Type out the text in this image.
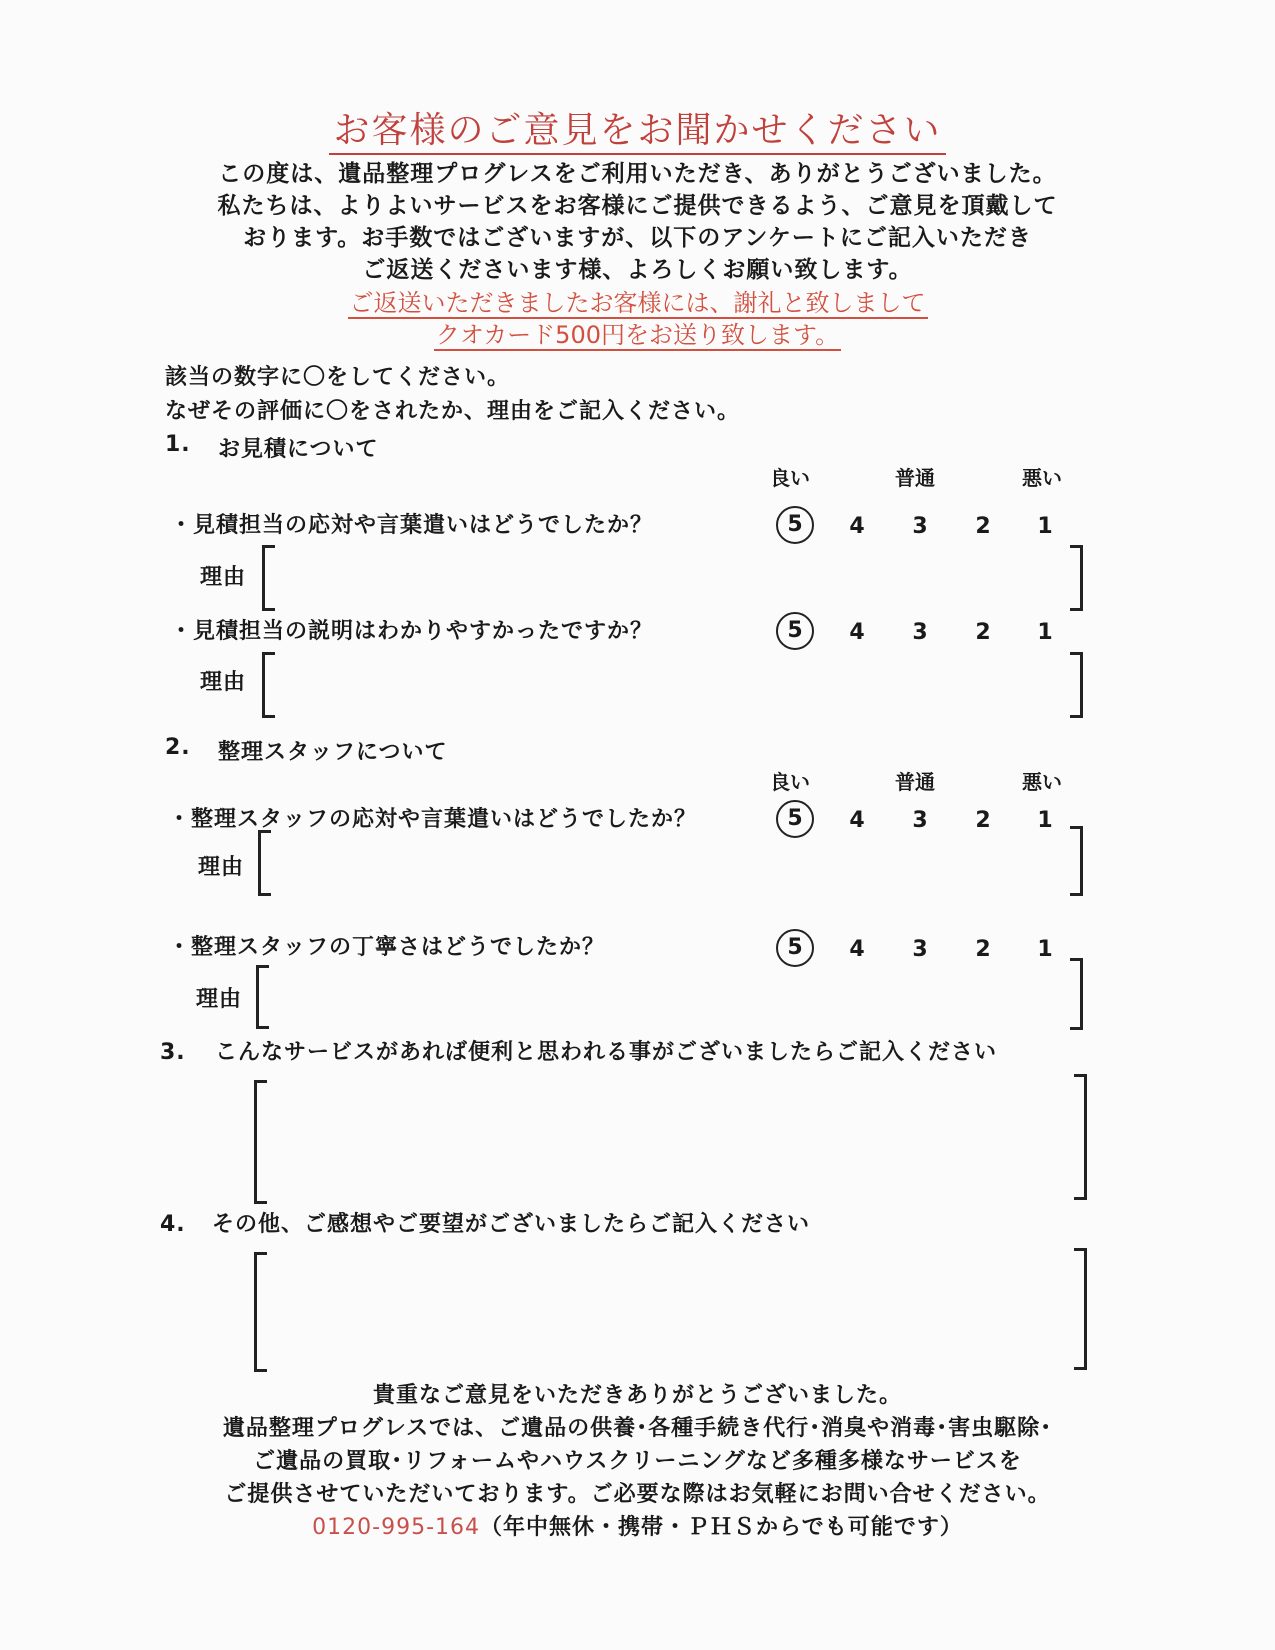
お客様のご意見をお聞かせください
この度は、遺品整理プログレスをご利用いただき、ありがとうございました。
私たちは、よりよいサービスをお客様にご提供できるよう、ご意見を頂戴して
おります。お手数ではございますが、以下のアンケートにご記入いただき
ご返送くださいます様、よろしくお願い致します。
ご返送いただきましたお客様には、謝礼と致しまして
クオカード500円をお送り致します。
該当の数字に〇をしてください。
なぜその評価に〇をされたか、理由をご記入ください。
1. お見積について
良い	普通	悪い
・見積担当の応対や言葉遣いはどうでしたか？	5	4	3	2	1
理由
・見積担当の説明はわかりやすかったですか？	5	4	3	2	1
理由
2. 整理スタッフについて
良い	普通	悪い
・整理スタッフの応対や言葉遣いはどうでしたか？	5	4	3	2	1
理由
・整理スタッフの丁寧さはどうでしたか？	5	4	3	2	1
理由
3. こんなサービスがあれば便利と思われる事がございましたらご記入ください
4. その他、ご感想やご要望がございましたらご記入ください
貴重なご意見をいただきありがとうございました。
遺品整理プログレスでは、ご遺品の供養･各種手続き代行･消臭や消毒･害虫駆除･
ご遺品の買取･リフォームやハウスクリーニングなど多種多様なサービスを
ご提供させていただいております。ご必要な際はお気軽にお問い合せください。
0120-995-164（年中無休・携帯・ＰＨＳからでも可能です）
